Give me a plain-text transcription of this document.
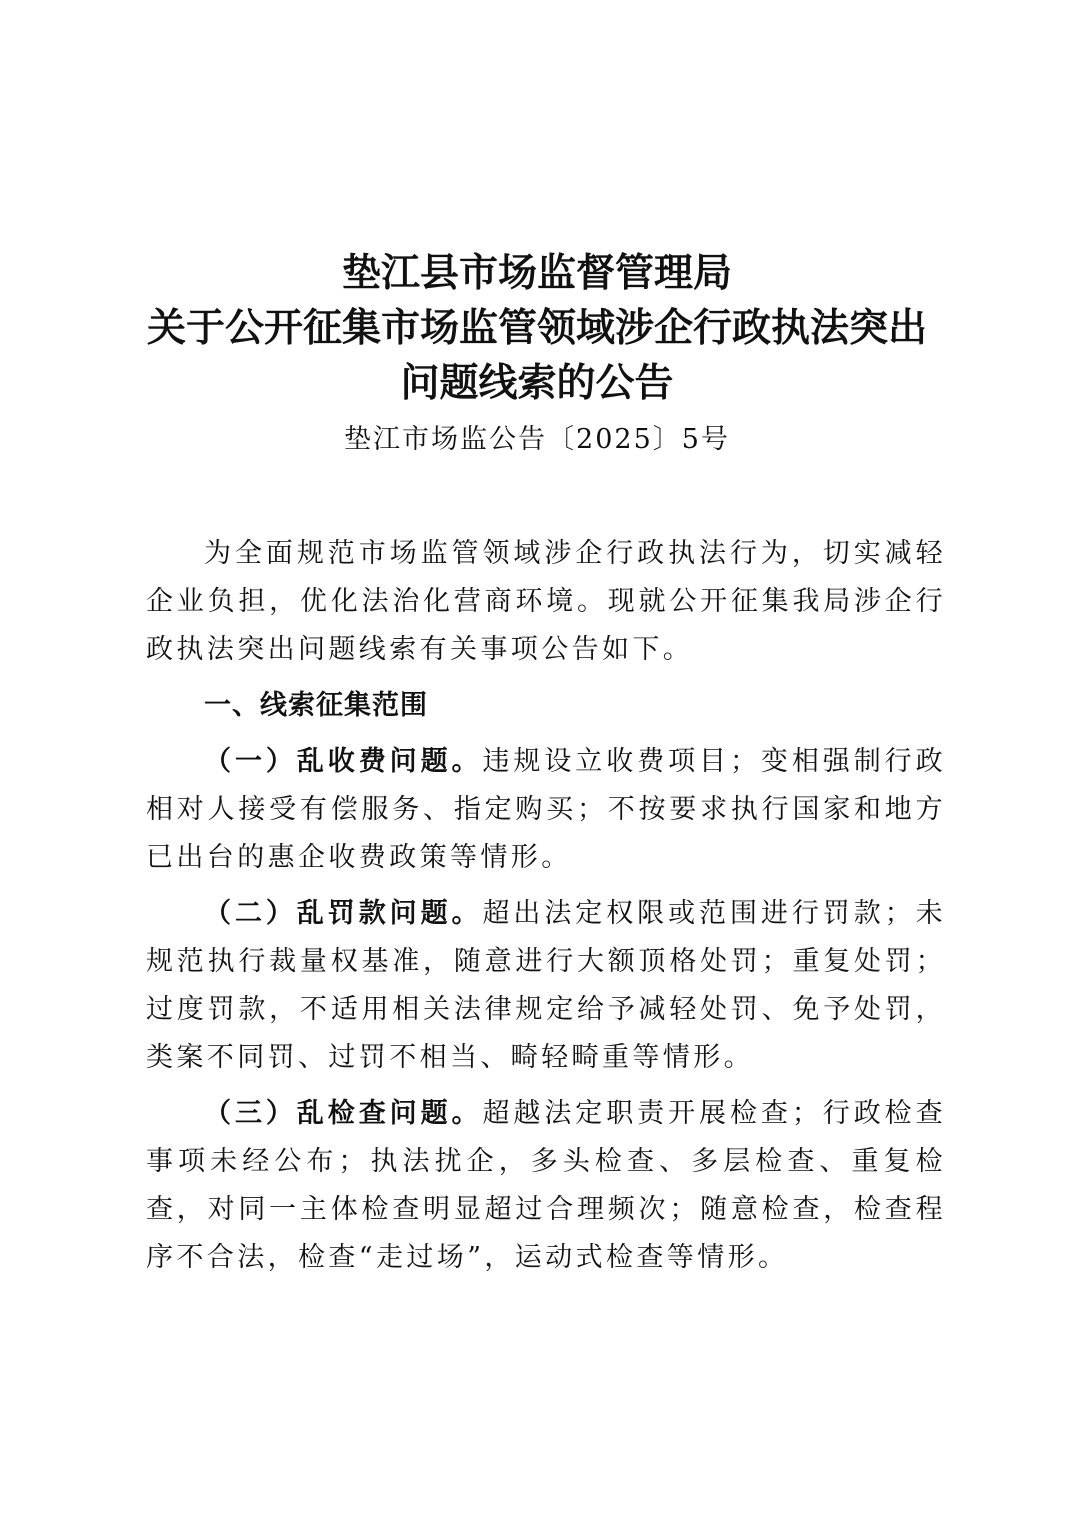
垫江县市场监督管理局
关于公开征集市场监管领域涉企行政执法突出
问题线索的公告
垫江市场监公告〔2025〕5号

为全面规范市场监管领域涉企行政执法行为，切实减轻企业负担，优化法治化营商环境。现就公开征集我局涉企行政执法突出问题线索有关事项公告如下。

一、线索征集范围

（一）乱收费问题。违规设立收费项目；变相强制行政相对人接受有偿服务、指定购买；不按要求执行国家和地方已出台的惠企收费政策等情形。

（二）乱罚款问题。超出法定权限或范围进行罚款；未规范执行裁量权基准，随意进行大额顶格处罚；重复处罚；过度罚款，不适用相关法律规定给予减轻处罚、免予处罚，类案不同罚、过罚不相当、畸轻畸重等情形。

（三）乱检查问题。超越法定职责开展检查；行政检查事项未经公布；执法扰企，多头检查、多层检查、重复检查，对同一主体检查明显超过合理频次；随意检查，检查程序不合法，检查“走过场”，运动式检查等情形。
